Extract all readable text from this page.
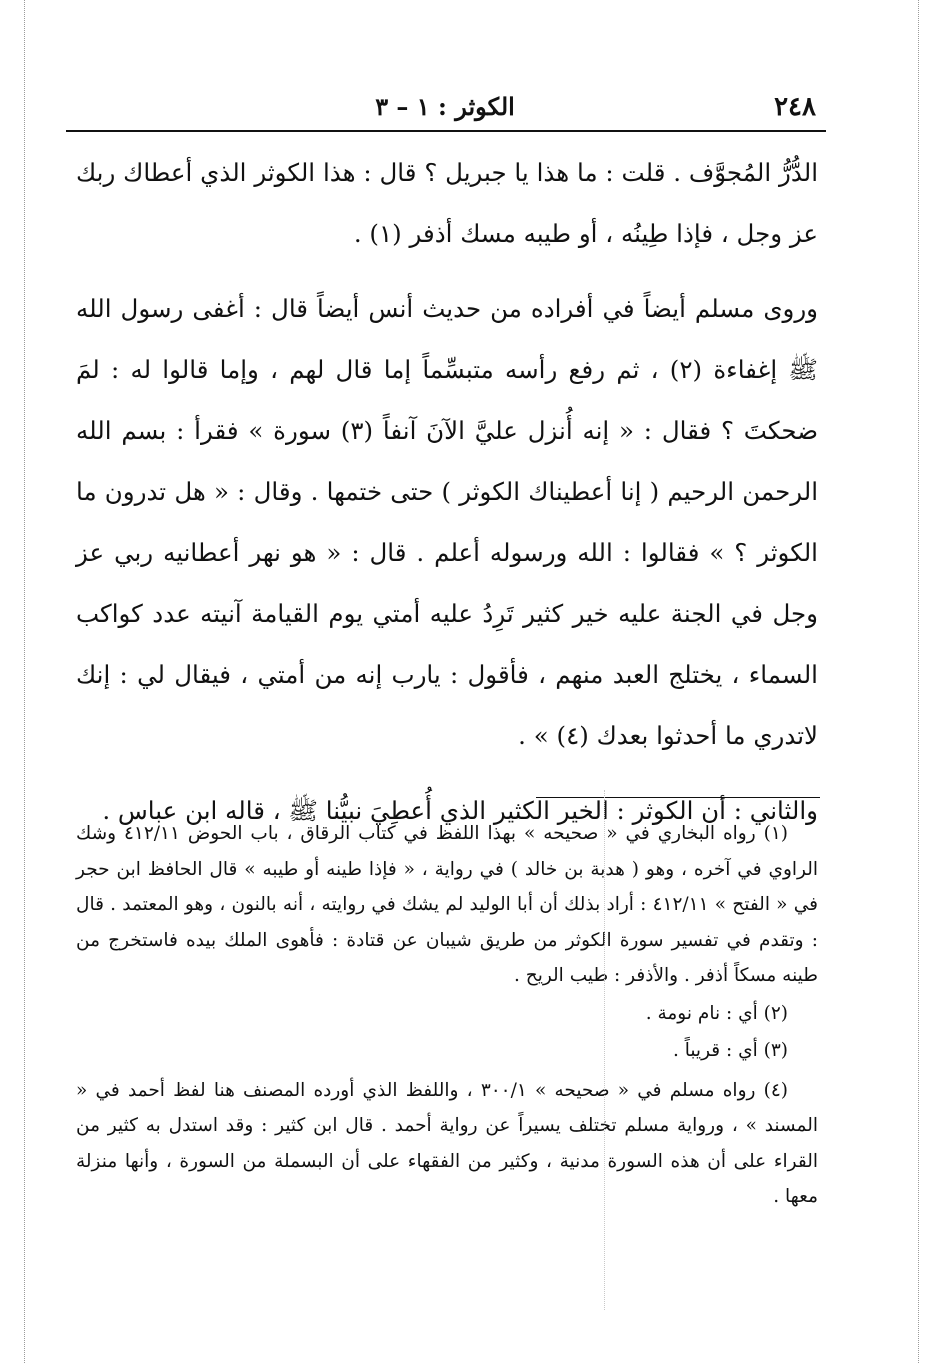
٢٤٨
الكوثر : ١ – ٣

الدُّرُّ المُجوَّف . قلت : ما هذا يا جبريل ؟ قال : هذا الكوثر الذي أعطاك ربك عز وجل ، فإذا طِينُه ، أو طيبه مسك أذفر (١) .

وروى مسلم أيضاً في أفراده من حديث أنس أيضاً قال : أغفى رسول الله ﷺ إغفاءة (٢) ، ثم رفع رأسه متبسِّماً إما قال لهم ، وإما قالوا له : لمَ ضحكتَ ؟ فقال : « إنه أُنزل عليَّ الآنَ آنفاً (٣) سورة » فقرأ : بسم الله الرحمن الرحيم ( إنا أعطيناك الكوثر ) حتى ختمها . وقال : « هل تدرون ما الكوثر ؟ » فقالوا : الله ورسوله أعلم . قال : « هو نهر أعطانيه ربي عز وجل في الجنة عليه خير كثير تَرِدُ عليه أمتي يوم القيامة آنيته عدد كواكب السماء ، يختلج العبد منهم ، فأقول : يارب إنه من أمتي ، فيقال لي : إنك لاتدري ما أحدثوا بعدك (٤) » .

والثاني : أن الكوثر : الخير الكثير الذي أُعطِيَ نبيُّنا ﷺ ، قاله ابن عباس .

(١) رواه البخاري في « صحيحه » بهذا اللفظ في كتاب الرقاق ، باب الحوض ٤١٢/١١ وشك الراوي في آخره ، وهو ( هدبة بن خالد ) في رواية ، « فإذا طينه أو طيبه » قال الحافظ ابن حجر في « الفتح » ٤١٢/١١ : أراد بذلك أن أبا الوليد لم يشك في روايته ، أنه بالنون ، وهو المعتمد . قال : وتقدم في تفسير سورة الكوثر من طريق شيبان عن قتادة : فأهوى الملك بيده فاستخرج من طينه مسكاً أذفر . والأذفر : طيب الريح .

(٢) أي : نام نومة .

(٣) أي : قريباً .

(٤) رواه مسلم في « صحيحه » ٣٠٠/١ ، واللفظ الذي أورده المصنف هنا لفظ أحمد في « المسند » ، ورواية مسلم تختلف يسيراً عن رواية أحمد . قال ابن كثير : وقد استدل به كثير من القراء على أن هذه السورة مدنية ، وكثير من الفقهاء على أن البسملة من السورة ، وأنها منزلة معها .
